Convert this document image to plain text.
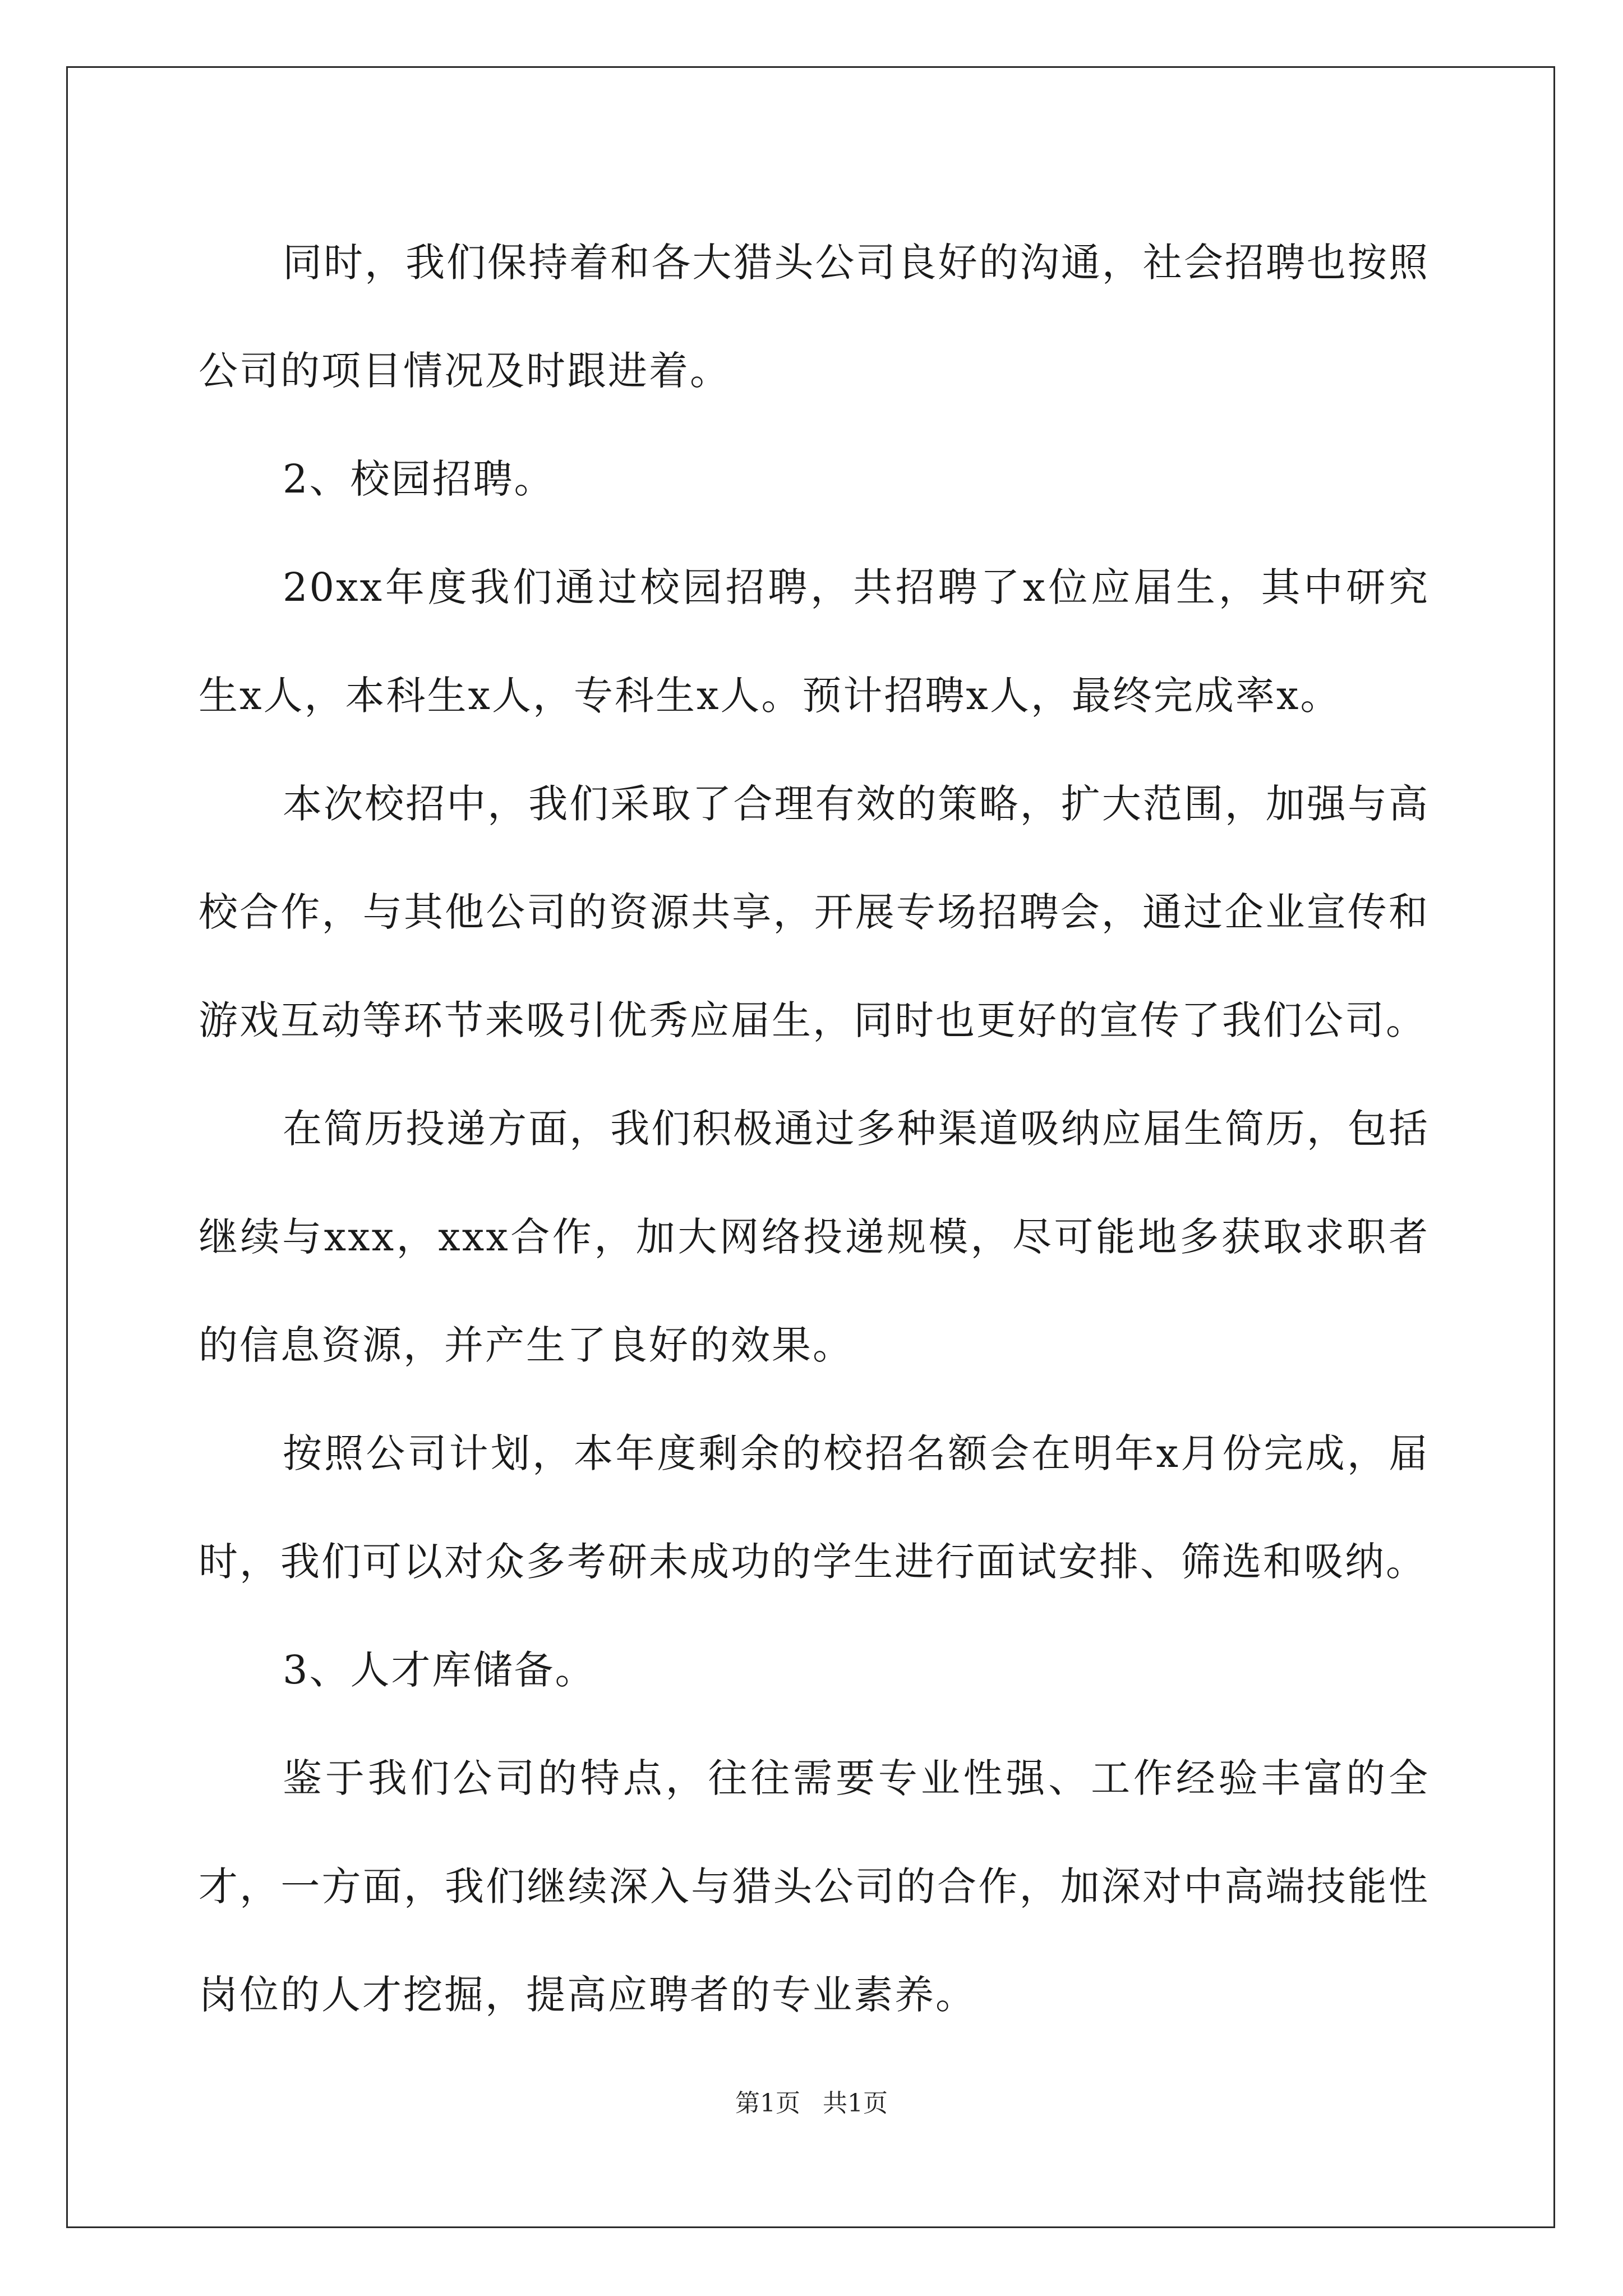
同时，我们保持着和各大猎头公司良好的沟通，社会招聘也按照公司的项目情况及时跟进着。

2、校园招聘。

20xx年度我们通过校园招聘，共招聘了x位应届生，其中研究生x人，本科生x人，专科生x人。预计招聘x人，最终完成率x。

本次校招中，我们采取了合理有效的策略，扩大范围，加强与高校合作，与其他公司的资源共享，开展专场招聘会，通过企业宣传和游戏互动等环节来吸引优秀应届生，同时也更好的宣传了我们公司。

在简历投递方面，我们积极通过多种渠道吸纳应届生简历，包括继续与xxx，xxx合作，加大网络投递规模，尽可能地多获取求职者的信息资源，并产生了良好的效果。

按照公司计划，本年度剩余的校招名额会在明年x月份完成，届时，我们可以对众多考研未成功的学生进行面试安排、筛选和吸纳。

3、人才库储备。

鉴于我们公司的特点，往往需要专业性强、工作经验丰富的全才，一方面，我们继续深入与猎头公司的合作，加深对中高端技能性岗位的人才挖掘，提高应聘者的专业素养。

第1页 共1页
